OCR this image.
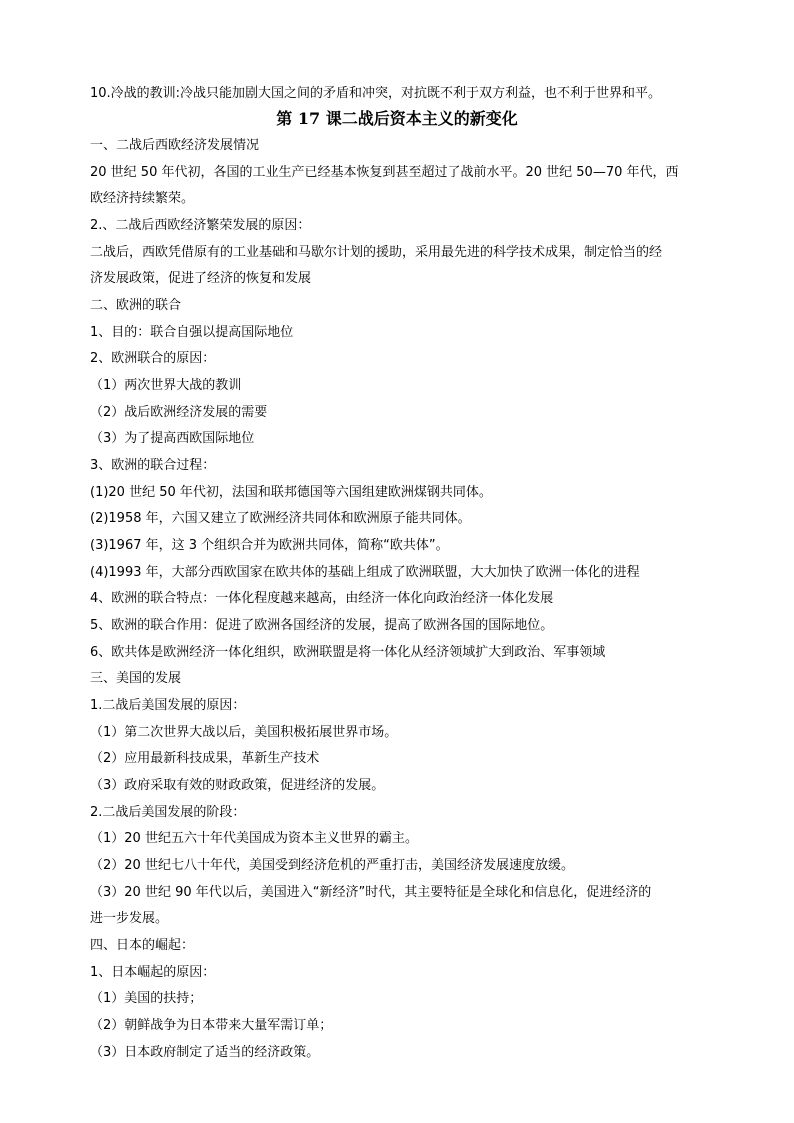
10.冷战的教训:冷战只能加剧大国之间的矛盾和冲突，对抗既不利于双方利益，也不利于世界和平。
第 17 课二战后资本主义的新变化
一、二战后西欧经济发展情况
20 世纪 50 年代初，各国的工业生产已经基本恢复到甚至超过了战前水平。20 世纪 50—70 年代，西
欧经济持续繁荣。
2.、二战后西欧经济繁荣发展的原因：
二战后，西欧凭借原有的工业基础和马歇尔计划的援助，采用最先进的科学技术成果，制定恰当的经
济发展政策，促进了经济的恢复和发展
二、欧洲的联合
1、目的：联合自强以提高国际地位
2、欧洲联合的原因：
（1）两次世界大战的教训
（2）战后欧洲经济发展的需要
（3）为了提高西欧国际地位
3、欧洲的联合过程：
(1)20 世纪 50 年代初，法国和联邦德国等六国组建欧洲煤钢共同体。
(2)1958 年，六国又建立了欧洲经济共同体和欧洲原子能共同体。
(3)1967 年，这 3 个组织合并为欧洲共同体，简称“欧共体”。
(4)1993 年，大部分西欧国家在欧共体的基础上组成了欧洲联盟，大大加快了欧洲一体化的进程
4、欧洲的联合特点：一体化程度越来越高，由经济一体化向政治经济一体化发展
5、欧洲的联合作用：促进了欧洲各国经济的发展，提高了欧洲各国的国际地位。
6、欧共体是欧洲经济一体化组织，欧洲联盟是将一体化从经济领域扩大到政治、军事领域
三、美国的发展
1.二战后美国发展的原因：
（1）第二次世界大战以后，美国积极拓展世界市场。
（2）应用最新科技成果，革新生产技术
（3）政府采取有效的财政政策，促进经济的发展。
2.二战后美国发展的阶段：
（1）20 世纪五六十年代美国成为资本主义世界的霸主。
（2）20 世纪七八十年代，美国受到经济危机的严重打击，美国经济发展速度放缓。
（3）20 世纪 90 年代以后，美国进入“新经济”时代，其主要特征是全球化和信息化，促进经济的
进一步发展。
四、日本的崛起：
1、日本崛起的原因：
（1）美国的扶持；
（2）朝鲜战争为日本带来大量军需订单；
（3）日本政府制定了适当的经济政策。
